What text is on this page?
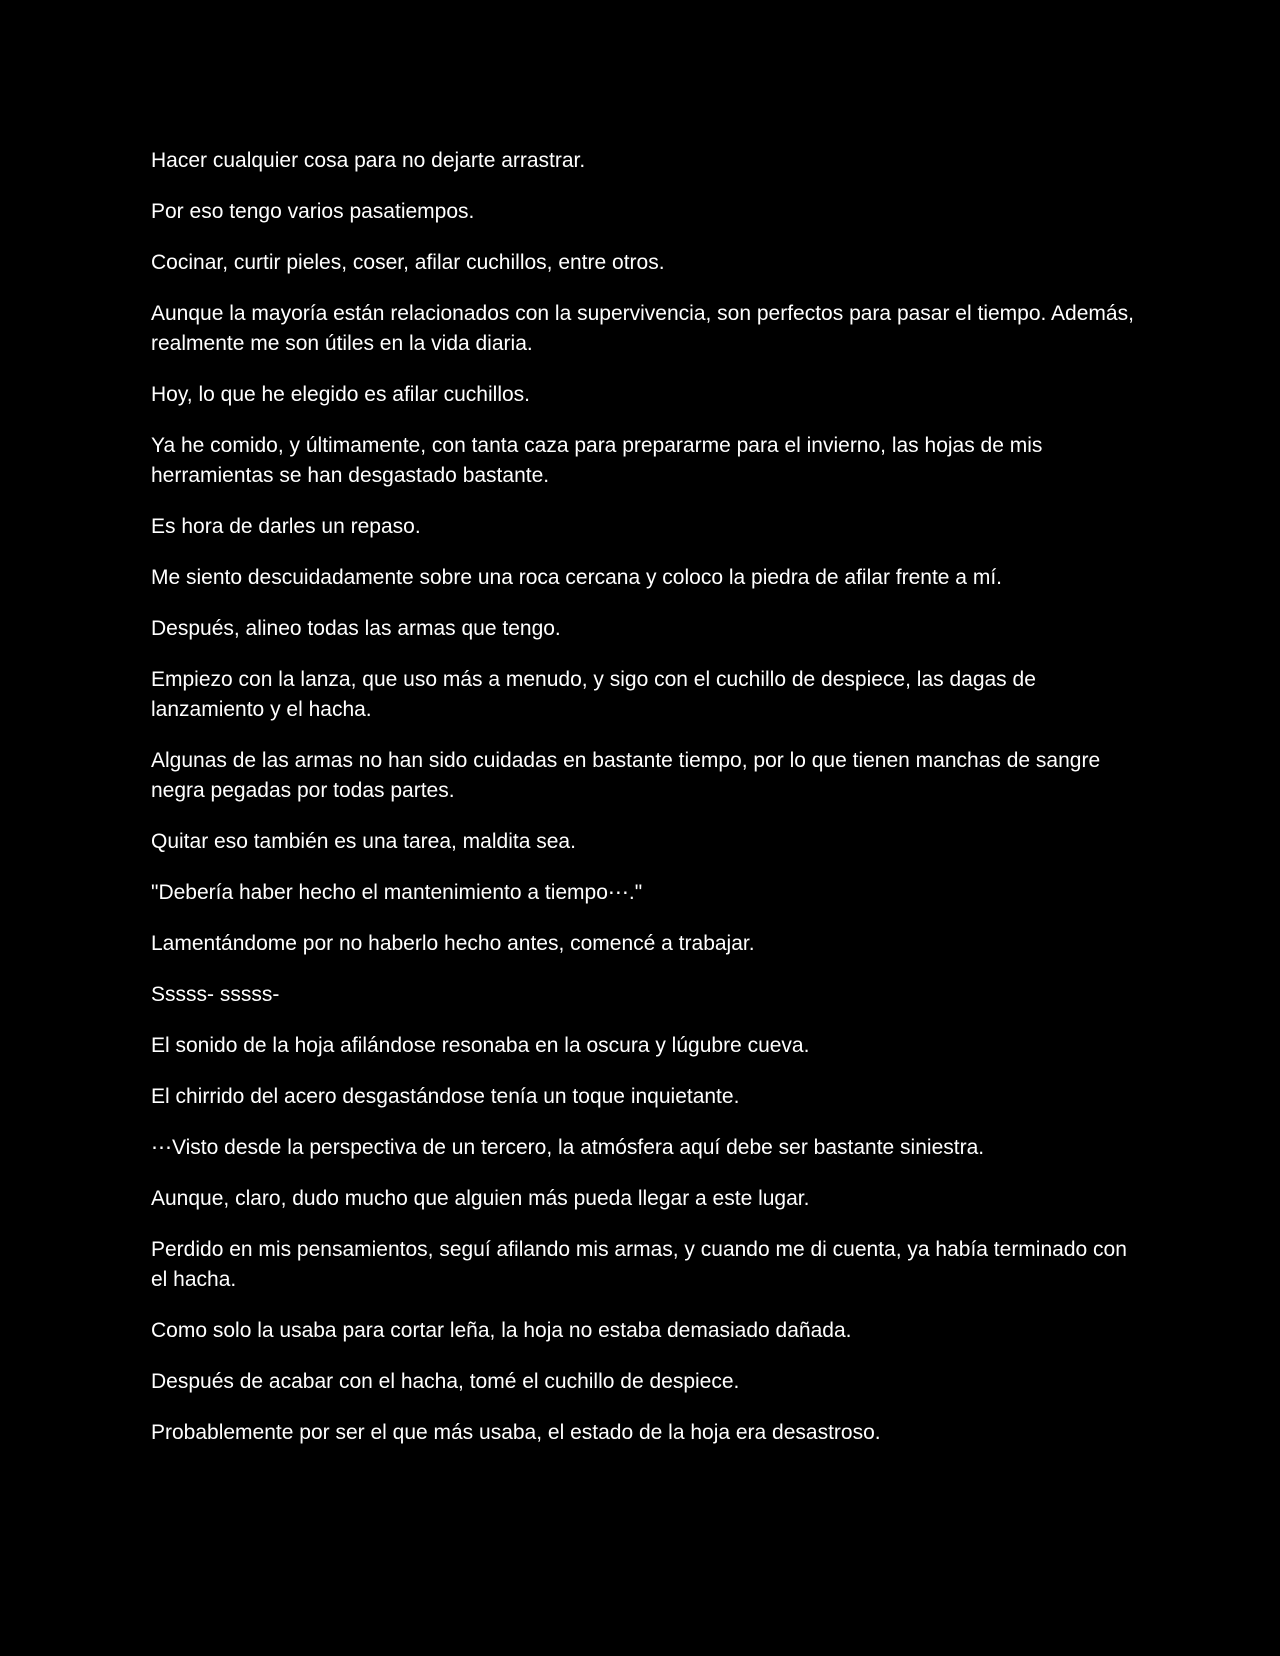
Hacer cualquier cosa para no dejarte arrastrar.

Por eso tengo varios pasatiempos.

Cocinar, curtir pieles, coser, afilar cuchillos, entre otros.

Aunque la mayoría están relacionados con la supervivencia, son perfectos para pasar el tiempo. Además, realmente me son útiles en la vida diaria.

Hoy, lo que he elegido es afilar cuchillos.

Ya he comido, y últimamente, con tanta caza para prepararme para el invierno, las hojas de mis herramientas se han desgastado bastante.

Es hora de darles un repaso.

Me siento descuidadamente sobre una roca cercana y coloco la piedra de afilar frente a mí.

Después, alineo todas las armas que tengo.

Empiezo con la lanza, que uso más a menudo, y sigo con el cuchillo de despiece, las dagas de lanzamiento y el hacha.

Algunas de las armas no han sido cuidadas en bastante tiempo, por lo que tienen manchas de sangre negra pegadas por todas partes.

Quitar eso también es una tarea, maldita sea.

"Debería haber hecho el mantenimiento a tiempo⋯."

Lamentándome por no haberlo hecho antes, comencé a trabajar.

Sssss- sssss-

El sonido de la hoja afilándose resonaba en la oscura y lúgubre cueva.

El chirrido del acero desgastándose tenía un toque inquietante.

⋯Visto desde la perspectiva de un tercero, la atmósfera aquí debe ser bastante siniestra.

Aunque, claro, dudo mucho que alguien más pueda llegar a este lugar.

Perdido en mis pensamientos, seguí afilando mis armas, y cuando me di cuenta, ya había terminado con el hacha.

Como solo la usaba para cortar leña, la hoja no estaba demasiado dañada.

Después de acabar con el hacha, tomé el cuchillo de despiece.

Probablemente por ser el que más usaba, el estado de la hoja era desastroso.
